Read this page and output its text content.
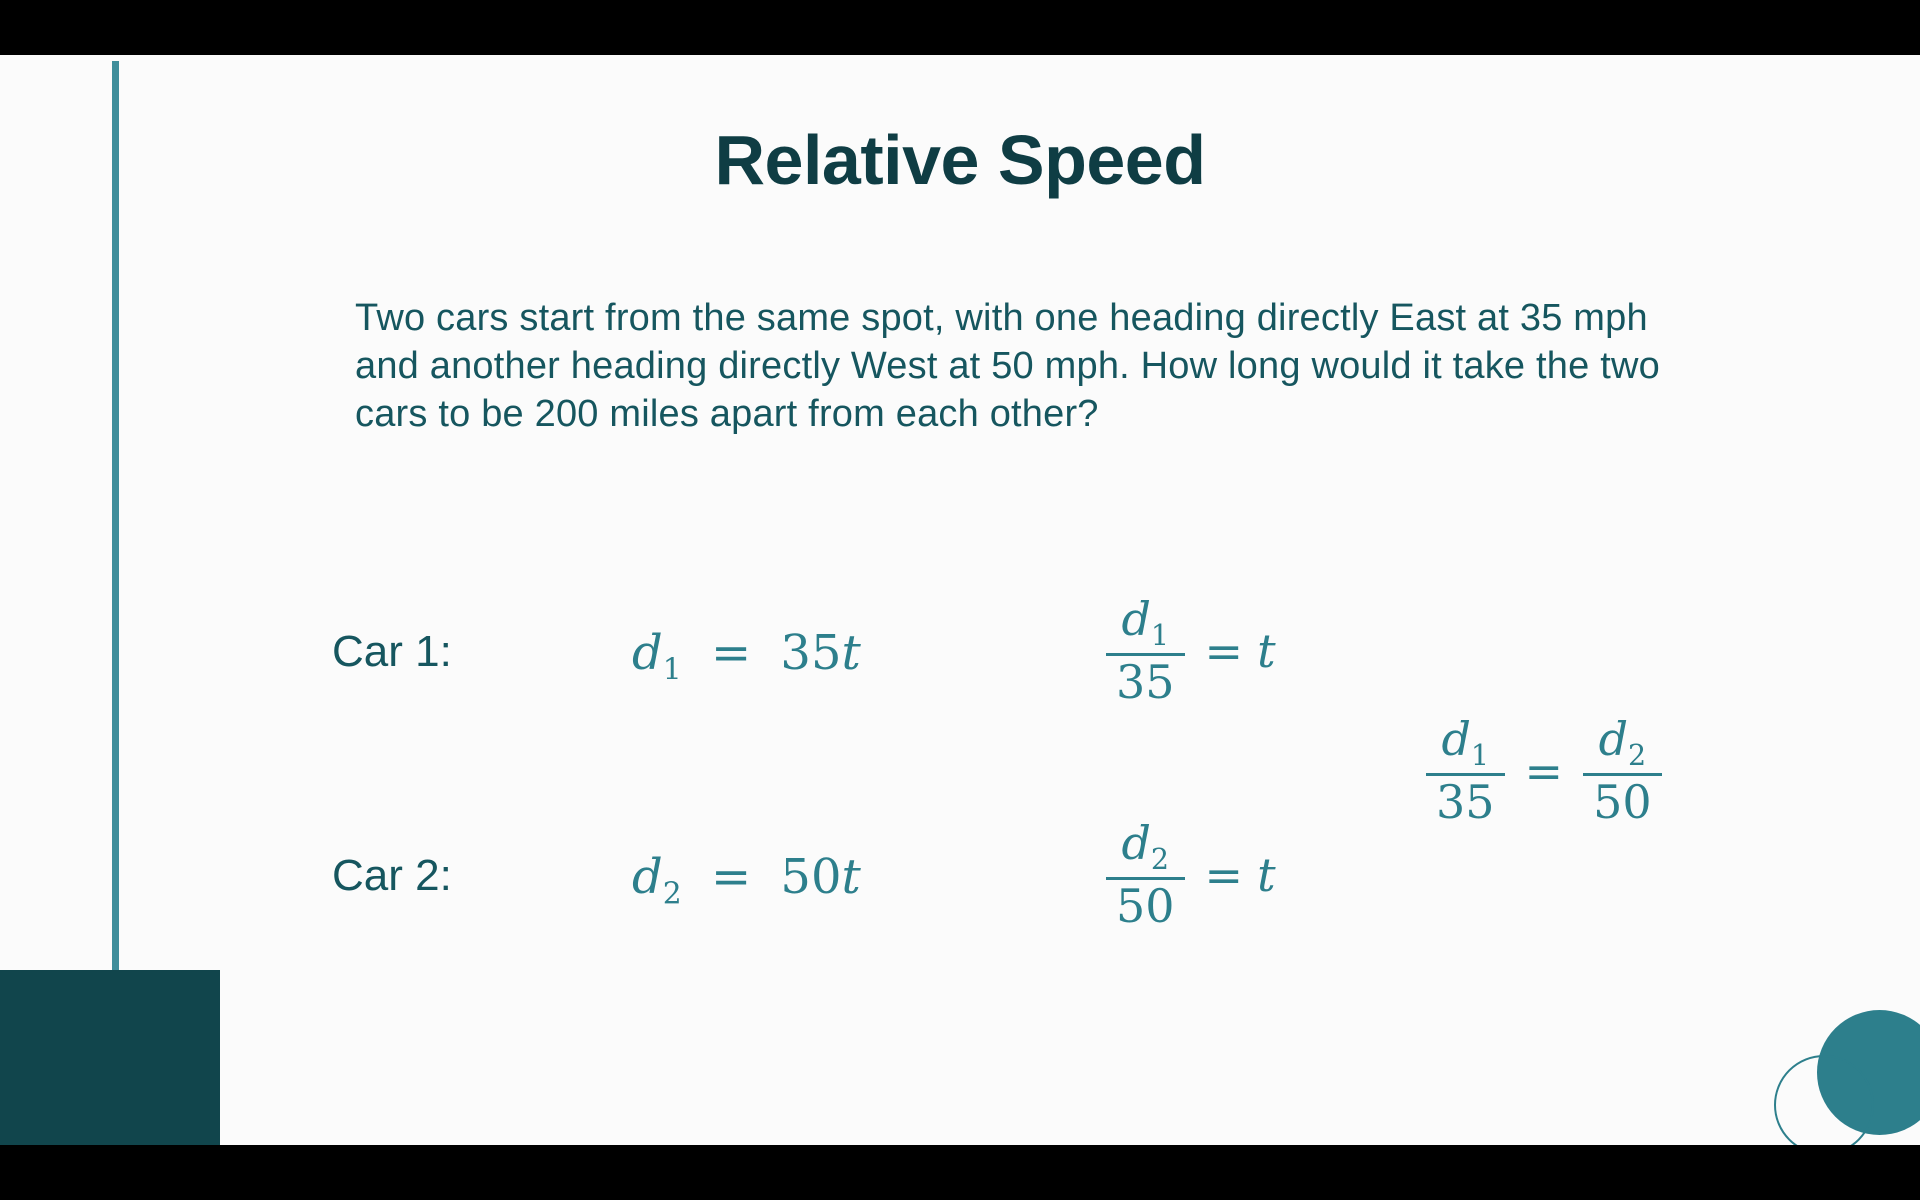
Relative Speed
Two cars start from the same spot, with one heading directly East at 35 mph and another heading directly West at 50 mph. How long would it take the two cars to be 200 miles apart from each other?
Car 1:
Car 2:
$d_1 = 35t$
$d_2 = 50t$
$\frac{d_1}{35} = t$
$\frac{d_2}{50} = t$
$\frac{d_1}{35} = \frac{d_2}{50}$
